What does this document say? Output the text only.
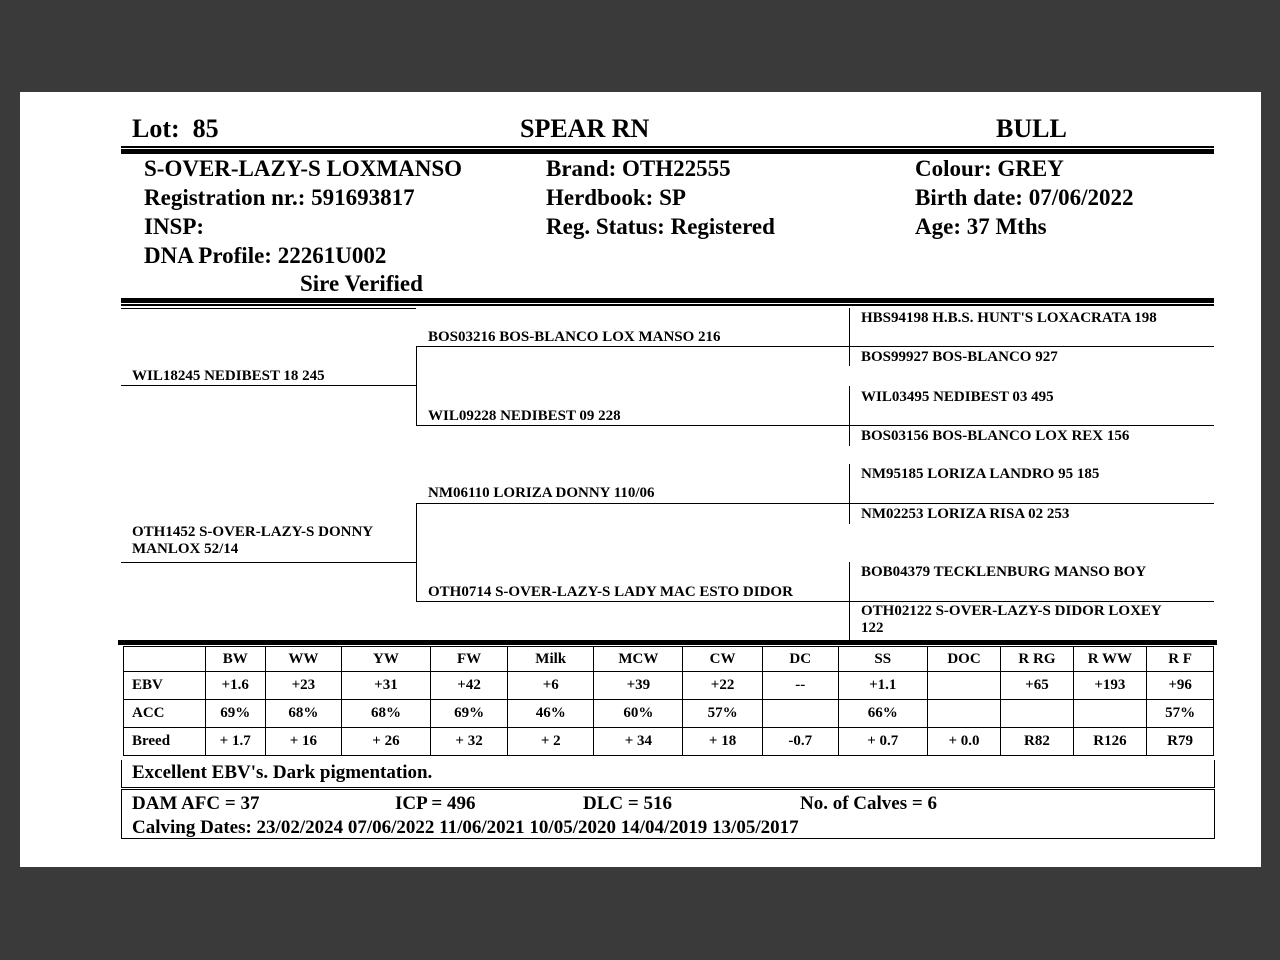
Lot: 85	SPEAR RN	BULL
S-OVER-LAZY-S LOXMANSO
Registration nr.: 591693817
INSP:
DNA Profile: 22261U002
Sire Verified
Brand: OTH22555
Herdbook: SP
Reg. Status: Registered
Colour: GREY
Birth date: 07/06/2022
Age: 37 Mths
WIL18245 NEDIBEST 18 245
OTH1452 S-OVER-LAZY-S DONNY
MANLOX 52/14
BOS03216 BOS-BLANCO LOX MANSO 216
WIL09228 NEDIBEST 09 228
NM06110 LORIZA DONNY 110/06
OTH0714 S-OVER-LAZY-S LADY MAC ESTO DIDOR
HBS94198 H.B.S. HUNT'S LOXACRATA 198
BOS99927 BOS-BLANCO 927
WIL03495 NEDIBEST 03 495
BOS03156 BOS-BLANCO LOX REX 156
NM95185 LORIZA LANDRO 95 185
NM02253 LORIZA RISA 02 253
BOB04379 TECKLENBURG MANSO BOY
OTH02122 S-OVER-LAZY-S DIDOR LOXEY
122
	BW	WW	YW	FW	Milk	MCW	CW	DC	SS	DOC	R RG	R WW	R F
EBV	+1.6	+23	+31	+42	+6	+39	+22	--	+1.1		+65	+193	+96
ACC	69%	68%	68%	69%	46%	60%	57%		66%				57%
Breed	+ 1.7	+ 16	+ 26	+ 32	+ 2	+ 34	+ 18	-0.7	+ 0.7	+ 0.0	R82	R126	R79
Excellent EBV's. Dark pigmentation.
DAM AFC = 37	ICP = 496	DLC = 516	No. of Calves = 6
Calving Dates: 23/02/2024 07/06/2022 11/06/2021 10/05/2020 14/04/2019 13/05/2017
